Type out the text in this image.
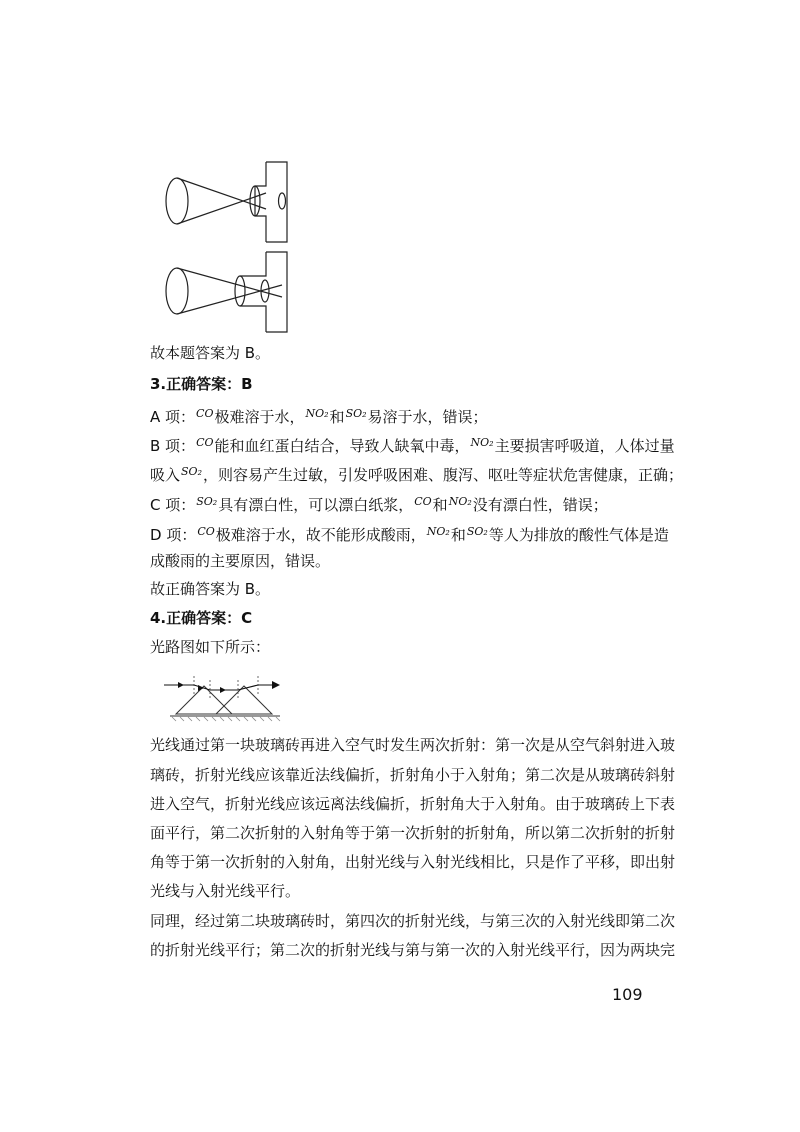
故本题答案为 B。
3.正确答案：B
A 项：$^{CO}$极难溶于水，$^{NO_2}$和$^{SO_2}$易溶于水，错误；
B 项：$^{CO}$能和血红蛋白结合，导致人缺氧中毒，$^{NO_2}$主要损害呼吸道，人体过量
吸入$^{SO_2}$，则容易产生过敏，引发呼吸困难、腹泻、呕吐等症状危害健康，正确；
C 项：$^{SO_2}$具有漂白性，可以漂白纸浆，$^{CO}$和$^{NO_2}$没有漂白性，错误；
D 项：$^{CO}$极难溶于水，故不能形成酸雨，$^{NO_2}$和$^{SO_2}$等人为排放的酸性气体是造
成酸雨的主要原因，错误。
故正确答案为 B。
4.正确答案：C
光路图如下所示：
光线通过第一块玻璃砖再进入空气时发生两次折射：第一次是从空气斜射进入玻
璃砖，折射光线应该靠近法线偏折，折射角小于入射角；第二次是从玻璃砖斜射
进入空气，折射光线应该远离法线偏折，折射角大于入射角。由于玻璃砖上下表
面平行，第二次折射的入射角等于第一次折射的折射角，所以第二次折射的折射
角等于第一次折射的入射角，出射光线与入射光线相比，只是作了平移，即出射
光线与入射光线平行。
同理，经过第二块玻璃砖时，第四次的折射光线，与第三次的入射光线即第二次
的折射光线平行；第二次的折射光线与第与第一次的入射光线平行，因为两块完
109
